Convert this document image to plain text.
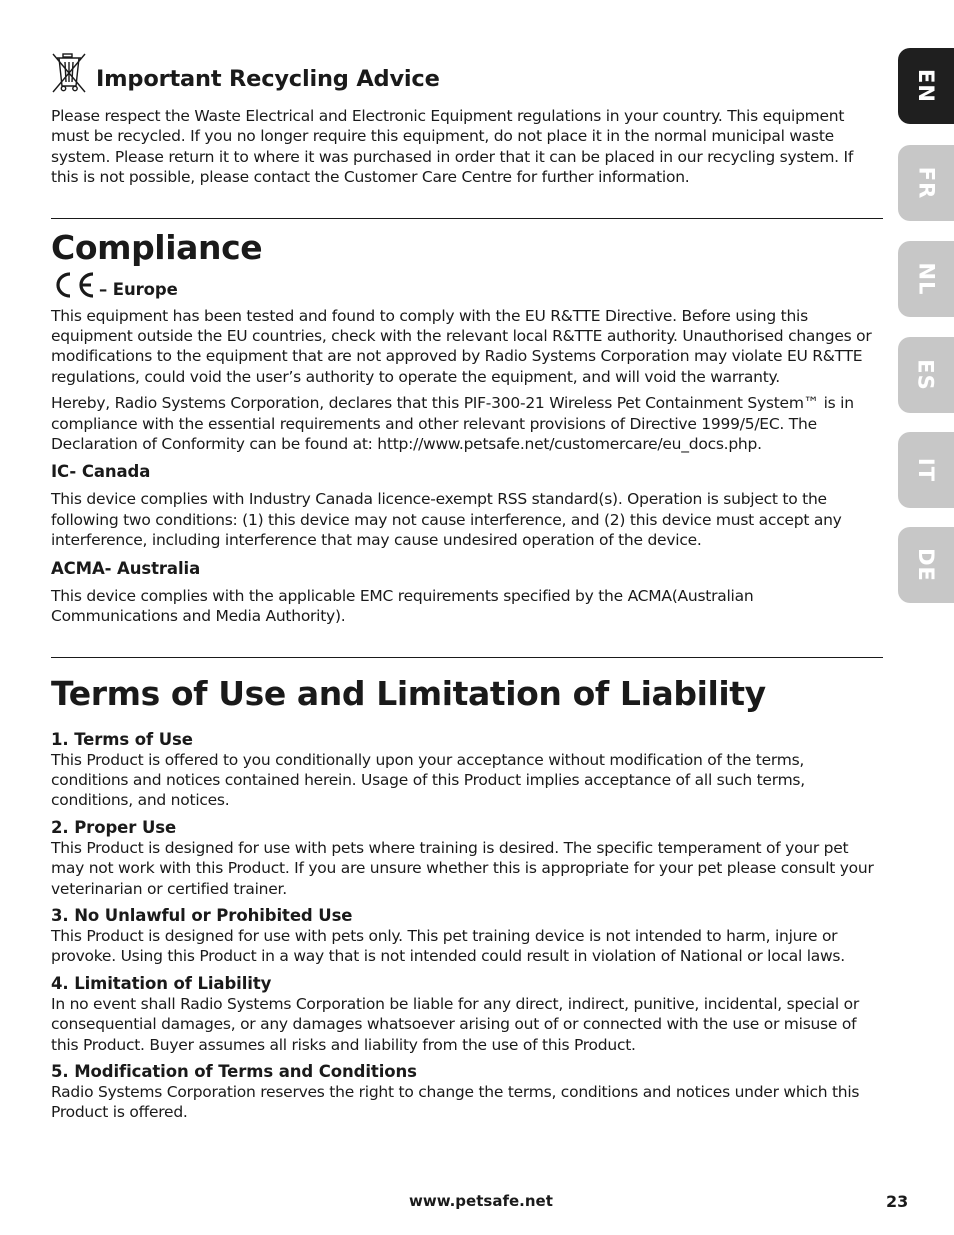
Important Recycling Advice

Please respect the Waste Electrical and Electronic Equipment regulations in your country. This equipment must be recycled. If you no longer require this equipment, do not place it in the normal municipal waste system. Please return it to where it was purchased in order that it can be placed in our recycling system. If this is not possible, please contact the Customer Care Centre for further information.

Compliance
– Europe

This equipment has been tested and found to comply with the EU R&TTE Directive. Before using this equipment outside the EU countries, check with the relevant local R&TTE authority. Unauthorised changes or modifications to the equipment that are not approved by Radio Systems Corporation may violate EU R&TTE regulations, could void the user’s authority to operate the equipment, and will void the warranty.

Hereby, Radio Systems Corporation, declares that this PIF-300-21 Wireless Pet Containment System™ is in compliance with the essential requirements and other relevant provisions of Directive 1999/5/EC. The Declaration of Conformity can be found at: http://www.petsafe.net/customercare/eu_docs.php.

IC- Canada

This device complies with Industry Canada licence-exempt RSS standard(s). Operation is subject to the following two conditions: (1) this device may not cause interference, and (2) this device must accept any interference, including interference that may cause undesired operation of the device.

ACMA- Australia

This device complies with the applicable EMC requirements specified by the ACMA(Australian Communications and Media Authority).

Terms of Use and Limitation of Liability
1. Terms of Use

This Product is offered to you conditionally upon your acceptance without modification of the terms, conditions and notices contained herein. Usage of this Product implies acceptance of all such terms, conditions, and notices.

2. Proper Use

This Product is designed for use with pets where training is desired. The specific temperament of your pet may not work with this Product. If you are unsure whether this is appropriate for your pet please consult your veterinarian or certified trainer.

3. No Unlawful or Prohibited Use

This Product is designed for use with pets only. This pet training device is not intended to harm, injure or provoke. Using this Product in a way that is not intended could result in violation of National or local laws.

4. Limitation of Liability

In no event shall Radio Systems Corporation be liable for any direct, indirect, punitive, incidental, special or consequential damages, or any damages whatsoever arising out of or connected with the use or misuse of this Product. Buyer assumes all risks and liability from the use of this Product.

5. Modification of Terms and Conditions

Radio Systems Corporation reserves the right to change the terms, conditions and notices under which this Product is offered.

EN
FR
NL
ES
IT
DE

www.petsafe.net	23
